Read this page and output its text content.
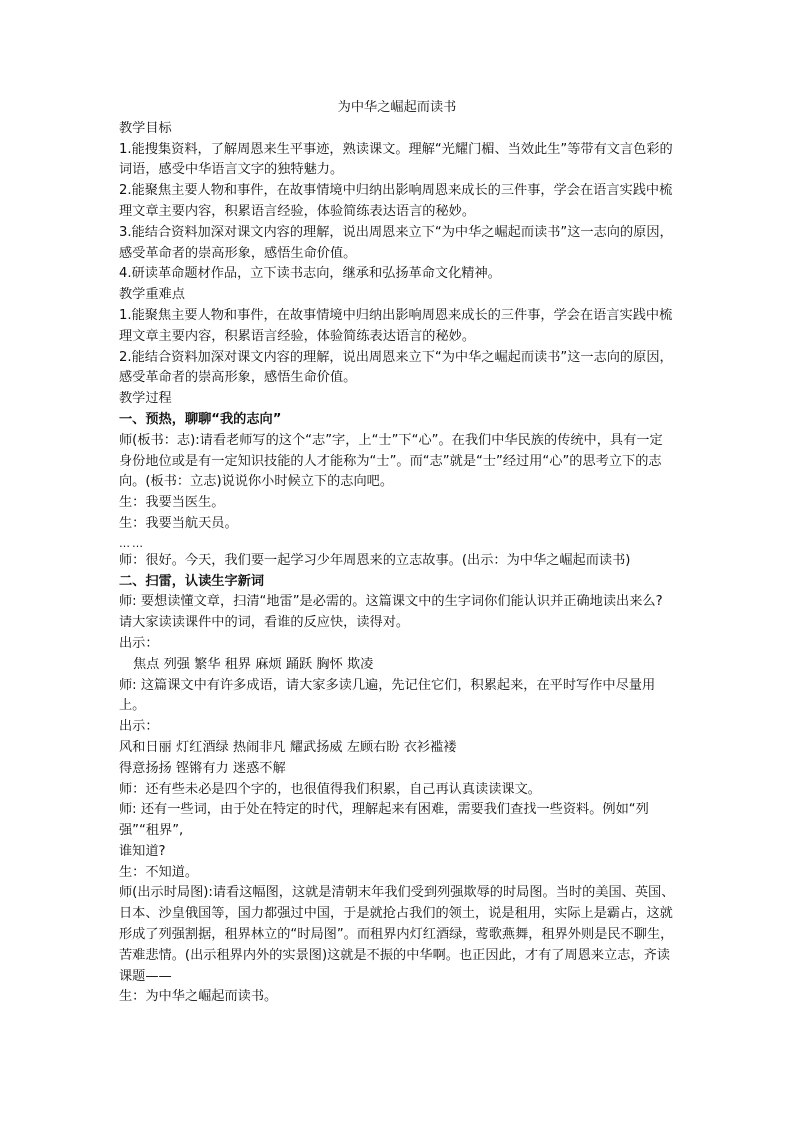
为中华之崛起而读书
教学目标
1.能搜集资料，了解周恩来生平事迹，熟读课文。理解“光耀门楣、当效此生”等带有文言色彩的词语，感受中华语言文字的独特魅力。
2.能聚焦主要人物和事件，在故事情境中归纳出影响周恩来成长的三件事，学会在语言实践中梳理文章主要内容，积累语言经验，体验简练表达语言的秘妙。
3.能结合资料加深对课文内容的理解，说出周恩来立下“为中华之崛起而读书”这一志向的原因，感受革命者的崇高形象，感悟生命价值。
4.研读革命题材作品，立下读书志向，继承和弘扬革命文化精神。
教学重难点
1.能聚焦主要人物和事件，在故事情境中归纳出影响周恩来成长的三件事，学会在语言实践中梳理文章主要内容，积累语言经验，体验简练表达语言的秘妙。
2.能结合资料加深对课文内容的理解，说出周恩来立下“为中华之崛起而读书”这一志向的原因，感受革命者的崇高形象，感悟生命价值。
教学过程
一、预热，聊聊“我的志向”
师(板书：志):请看老师写的这个“志”字，上“士”下“心”。在我们中华民族的传统中，具有一定身份地位或是有一定知识技能的人才能称为“士”。而“志”就是“士”经过用“心”的思考立下的志向。(板书：立志)说说你小时候立下的志向吧。
生：我要当医生。
生：我要当航天员。
……
师：很好。今天，我们要一起学习少年周恩来的立志故事。(出示：为中华之崛起而读书)
二、扫雷，认读生字新词
师: 要想读懂文章，扫清“地雷”是必需的。这篇课文中的生字词你们能认识并正确地读出来么?请大家读读课件中的词，看谁的反应快，读得对。
出示：
焦点 列强 繁华 租界 麻烦 踊跃 胸怀 欺凌
师: 这篇课文中有许多成语，请大家多读几遍，先记住它们，积累起来，在平时写作中尽量用上。
出示：
风和日丽 灯红酒绿 热闹非凡 耀武扬威 左顾右盼 衣衫褴褛
得意扬扬 铿锵有力 迷惑不解
师：还有些未必是四个字的，也很值得我们积累，自己再认真读读课文。
师: 还有一些词，由于处在特定的时代，理解起来有困难，需要我们查找一些资料。例如“列强”“租界”,
谁知道?
生：不知道。
师(出示时局图):请看这幅图，这就是清朝末年我们受到列强欺辱的时局图。当时的美国、英国、日本、沙皇俄国等，国力都强过中国，于是就抢占我们的领土，说是租用，实际上是霸占，这就形成了列强割据，租界林立的“时局图”。而租界内灯红酒绿，莺歌燕舞，租界外则是民不聊生，苦难悲情。(出示租界内外的实景图)这就是不振的中华啊。也正因此，才有了周恩来立志，齐读课题——
生：为中华之崛起而读书。
